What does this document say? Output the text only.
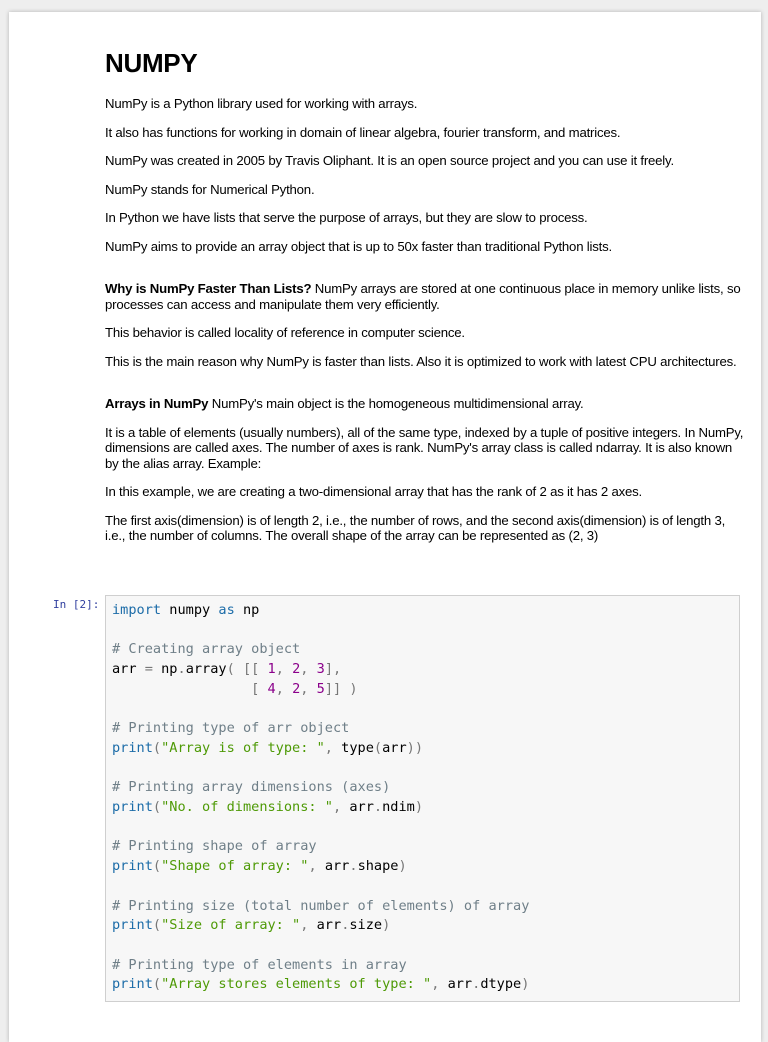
NUMPY

NumPy is a Python library used for working with arrays.

It also has functions for working in domain of linear algebra, fourier transform, and matrices.

NumPy was created in 2005 by Travis Oliphant. It is an open source project and you can use it freely.

NumPy stands for Numerical Python.

In Python we have lists that serve the purpose of arrays, but they are slow to process.

NumPy aims to provide an array object that is up to 50x faster than traditional Python lists.

Why is NumPy Faster Than Lists? NumPy arrays are stored at one continuous place in memory unlike lists, so processes can access and manipulate them very efficiently.

This behavior is called locality of reference in computer science.

This is the main reason why NumPy is faster than lists. Also it is optimized to work with latest CPU architectures.

Arrays in NumPy NumPy's main object is the homogeneous multidimensional array.

It is a table of elements (usually numbers), all of the same type, indexed by a tuple of positive integers. In NumPy, dimensions are called axes. The number of axes is rank. NumPy's array class is called ndarray. It is also known by the alias array. Example:

In this example, we are creating a two-dimensional array that has the rank of 2 as it has 2 axes.

The first axis(dimension) is of length 2, i.e., the number of rows, and the second axis(dimension) is of length 3, i.e., the number of columns. The overall shape of the array can be represented as (2, 3)

In [2]: import numpy as np

# Creating array object
arr = np.array( [[ 1, 2, 3],
[ 4, 2, 5]] )

# Printing type of arr object
print("Array is of type: ", type(arr))

# Printing array dimensions (axes)
print("No. of dimensions: ", arr.ndim)

# Printing shape of array
print("Shape of array: ", arr.shape)

# Printing size (total number of elements) of array
print("Size of array: ", arr.size)

# Printing type of elements in array
print("Array stores elements of type: ", arr.dtype)
